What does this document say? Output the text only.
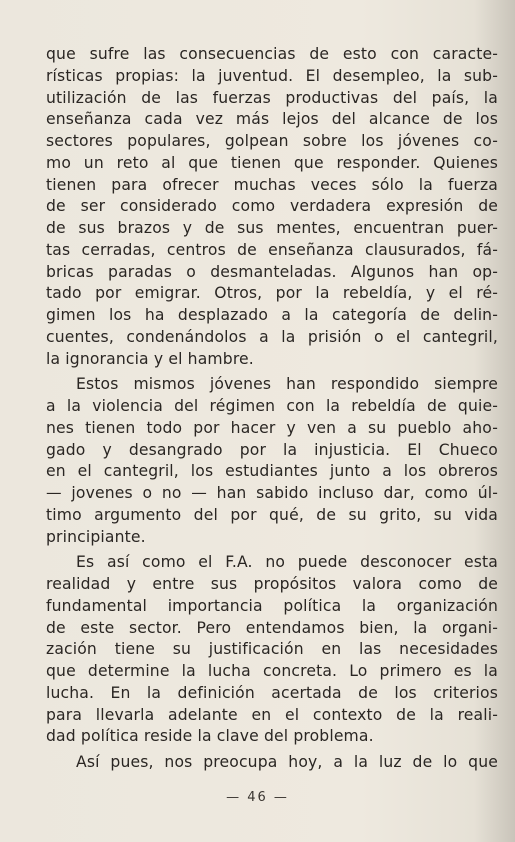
que sufre las consecuencias de esto con caracte-
rísticas propias: la juventud. El desempleo, la sub-
utilización de las fuerzas productivas del país, la
enseñanza cada vez más lejos del alcance de los
sectores populares, golpean sobre los jóvenes co-
mo un reto al que tienen que responder. Quienes
tienen para ofrecer muchas veces sólo la fuerza
de ser considerado como verdadera expresión de
de sus brazos y de sus mentes, encuentran puer-
tas cerradas, centros de enseñanza clausurados, fá-
bricas paradas o desmanteladas. Algunos han op-
tado por emigrar. Otros, por la rebeldía, y el ré-
gimen los ha desplazado a la categoría de delin-
cuentes, condenándolos a la prisión o el cantegril,
la ignorancia y el hambre.
Estos mismos jóvenes han respondido siempre
a la violencia del régimen con la rebeldía de quie-
nes tienen todo por hacer y ven a su pueblo aho-
gado y desangrado por la injusticia. El Chueco
en el cantegril, los estudiantes junto a los obreros
— jovenes o no — han sabido incluso dar, como úl-
timo argumento del por qué, de su grito, su vida
principiante.
Es así como el F.A. no puede desconocer esta
realidad y entre sus propósitos valora como de
fundamental importancia política la organización
de este sector. Pero entendamos bien, la organi-
zación tiene su justificación en las necesidades
que determine la lucha concreta. Lo primero es la
lucha. En la definición acertada de los criterios
para llevarla adelante en el contexto de la reali-
dad política reside la clave del problema.
Así pues, nos preocupa hoy, a la luz de lo que
— 46 —
